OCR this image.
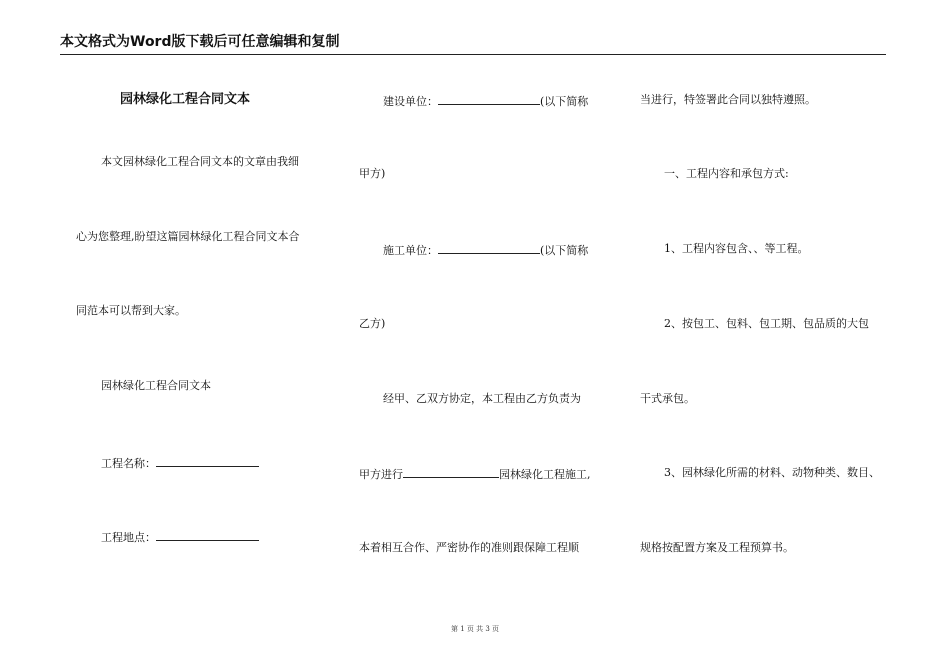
本文格式为Word版下载后可任意编辑和复制
园林绿化工程合同文本
本文园林绿化工程合同文本的文章由我细
心为您整理,盼望这篇园林绿化工程合同文本合
同范本可以帮到大家。
园林绿化工程合同文本
工程名称：
工程地点：
建设单位：	(以下简称
甲方)
施工单位：	(以下简称
乙方)
经甲、乙双方协定，本工程由乙方负责为
甲方进行	园林绿化工程施工,
本着相互合作、严密协作的准则跟保障工程顺
当进行，特签署此合同以独特遵照。
一、工程内容和承包方式:
1、工程内容包含、、等工程。
2、按包工、包料、包工期、包品质的大包
干式承包。
3、园林绿化所需的材料、动物种类、数目、
规格按配置方案及工程预算书。
第 1 页 共 3 页
